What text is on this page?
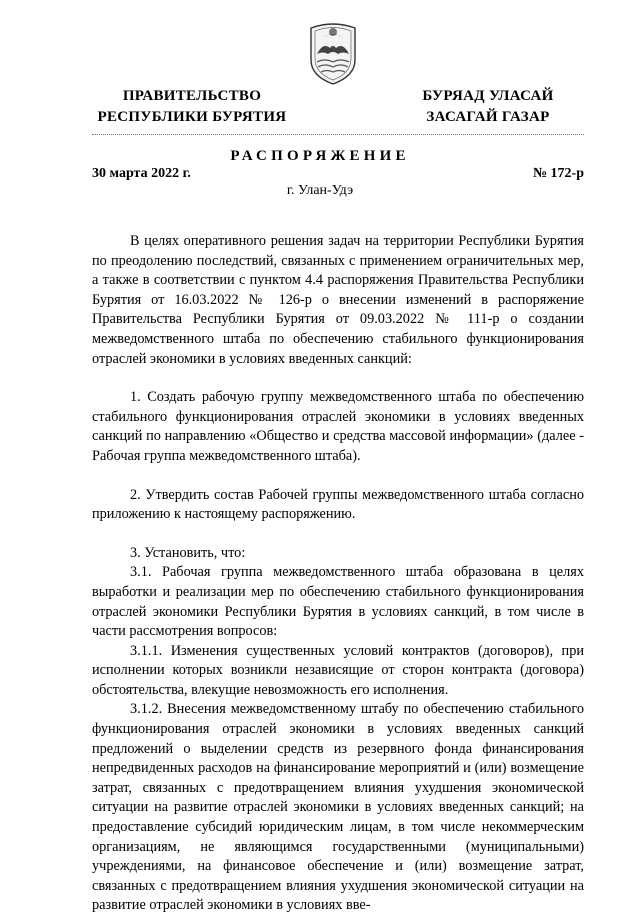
ПРАВИТЕЛЬСТВО
РЕСПУБЛИКИ БУРЯТИЯ
БУРЯАД УЛАСАЙ
ЗАСАГАЙ ГАЗАР
РАСПОРЯЖЕНИЕ
30 марта 2022 г.	№ 172-р
г. Улан-Удэ

В целях оперативного решения задач на территории Республики Бурятия по преодолению последствий, связанных с применением ограничительных мер, а также в соответствии с пунктом 4.4 распоряжения Правительства Республики Бурятия от 16.03.2022 № 126-р о внесении изменений в распоряжение Правительства Республики Бурятия от 09.03.2022 № 111-р о создании межведомственного штаба по обеспечению стабильного функционирования отраслей экономики в условиях введенных санкций:

1. Создать рабочую группу межведомственного штаба по обеспечению стабильного функционирования отраслей экономики в условиях введенных санкций по направлению «Общество и средства массовой информации» (далее - Рабочая группа межведомственного штаба).

2. Утвердить состав Рабочей группы межведомственного штаба согласно приложению к настоящему распоряжению.

3. Установить, что:

3.1. Рабочая группа межведомственного штаба образована в целях выработки и реализации мер по обеспечению стабильного функционирования отраслей экономики Республики Бурятия в условиях санкций, в том числе в части рассмотрения вопросов:

3.1.1. Изменения существенных условий контрактов (договоров), при исполнении которых возникли независящие от сторон контракта (договора) обстоятельства, влекущие невозможность его исполнения.

3.1.2. Внесения межведомственному штабу по обеспечению стабильного функционирования отраслей экономики в условиях введенных санкций предложений о выделении средств из резервного фонда финансирования непредвиденных расходов на финансирование мероприятий и (или) возмещение затрат, связанных с предотвращением влияния ухудшения экономической ситуации на развитие отраслей экономики в условиях введенных санкций; на предоставление субсидий юридическим лицам, в том числе некоммерческим организациям, не являющимся государственными (муниципальными) учреждениями, на финансовое обеспечение и (или) возмещение затрат, связанных с предотвращением влияния ухудшения экономической ситуации на развитие отраслей экономики в условиях вве-
